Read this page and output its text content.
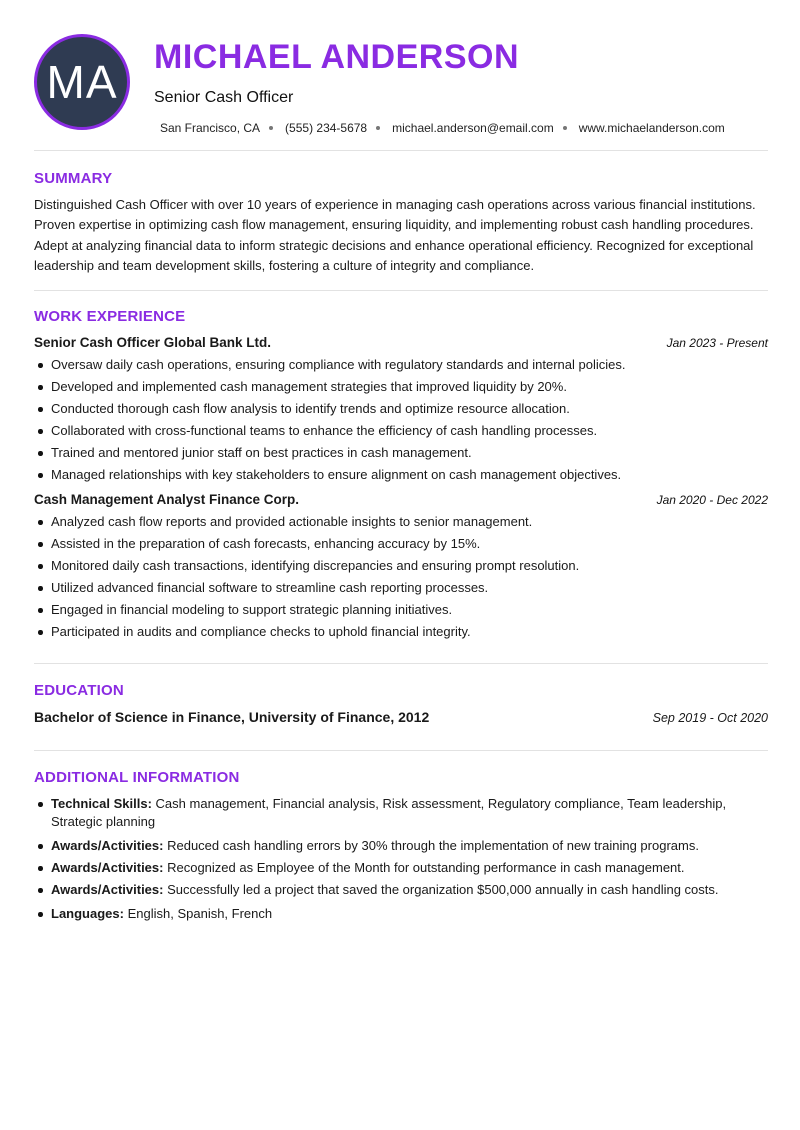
MA MICHAEL ANDERSON
Senior Cash Officer
San Francisco, CA (555) 234-5678 michael.anderson@email.com www.michaelanderson.com
SUMMARY
Distinguished Cash Officer with over 10 years of experience in managing cash operations across various financial institutions. Proven expertise in optimizing cash flow management, ensuring liquidity, and implementing robust cash handling procedures. Adept at analyzing financial data to inform strategic decisions and enhance operational efficiency. Recognized for exceptional leadership and team development skills, fostering a culture of integrity and compliance.
WORK EXPERIENCE
Senior Cash Officer Global Bank Ltd.	Jan 2023 - Present
Oversaw daily cash operations, ensuring compliance with regulatory standards and internal policies.
Developed and implemented cash management strategies that improved liquidity by 20%.
Conducted thorough cash flow analysis to identify trends and optimize resource allocation.
Collaborated with cross-functional teams to enhance the efficiency of cash handling processes.
Trained and mentored junior staff on best practices in cash management.
Managed relationships with key stakeholders to ensure alignment on cash management objectives.
Cash Management Analyst Finance Corp.	Jan 2020 - Dec 2022
Analyzed cash flow reports and provided actionable insights to senior management.
Assisted in the preparation of cash forecasts, enhancing accuracy by 15%.
Monitored daily cash transactions, identifying discrepancies and ensuring prompt resolution.
Utilized advanced financial software to streamline cash reporting processes.
Engaged in financial modeling to support strategic planning initiatives.
Participated in audits and compliance checks to uphold financial integrity.
EDUCATION
Bachelor of Science in Finance, University of Finance, 2012	Sep 2019 - Oct 2020
ADDITIONAL INFORMATION
Technical Skills: Cash management, Financial analysis, Risk assessment, Regulatory compliance, Team leadership, Strategic planning
Awards/Activities: Reduced cash handling errors by 30% through the implementation of new training programs.
Awards/Activities: Recognized as Employee of the Month for outstanding performance in cash management.
Awards/Activities: Successfully led a project that saved the organization $500,000 annually in cash handling costs.
Languages: English, Spanish, French
